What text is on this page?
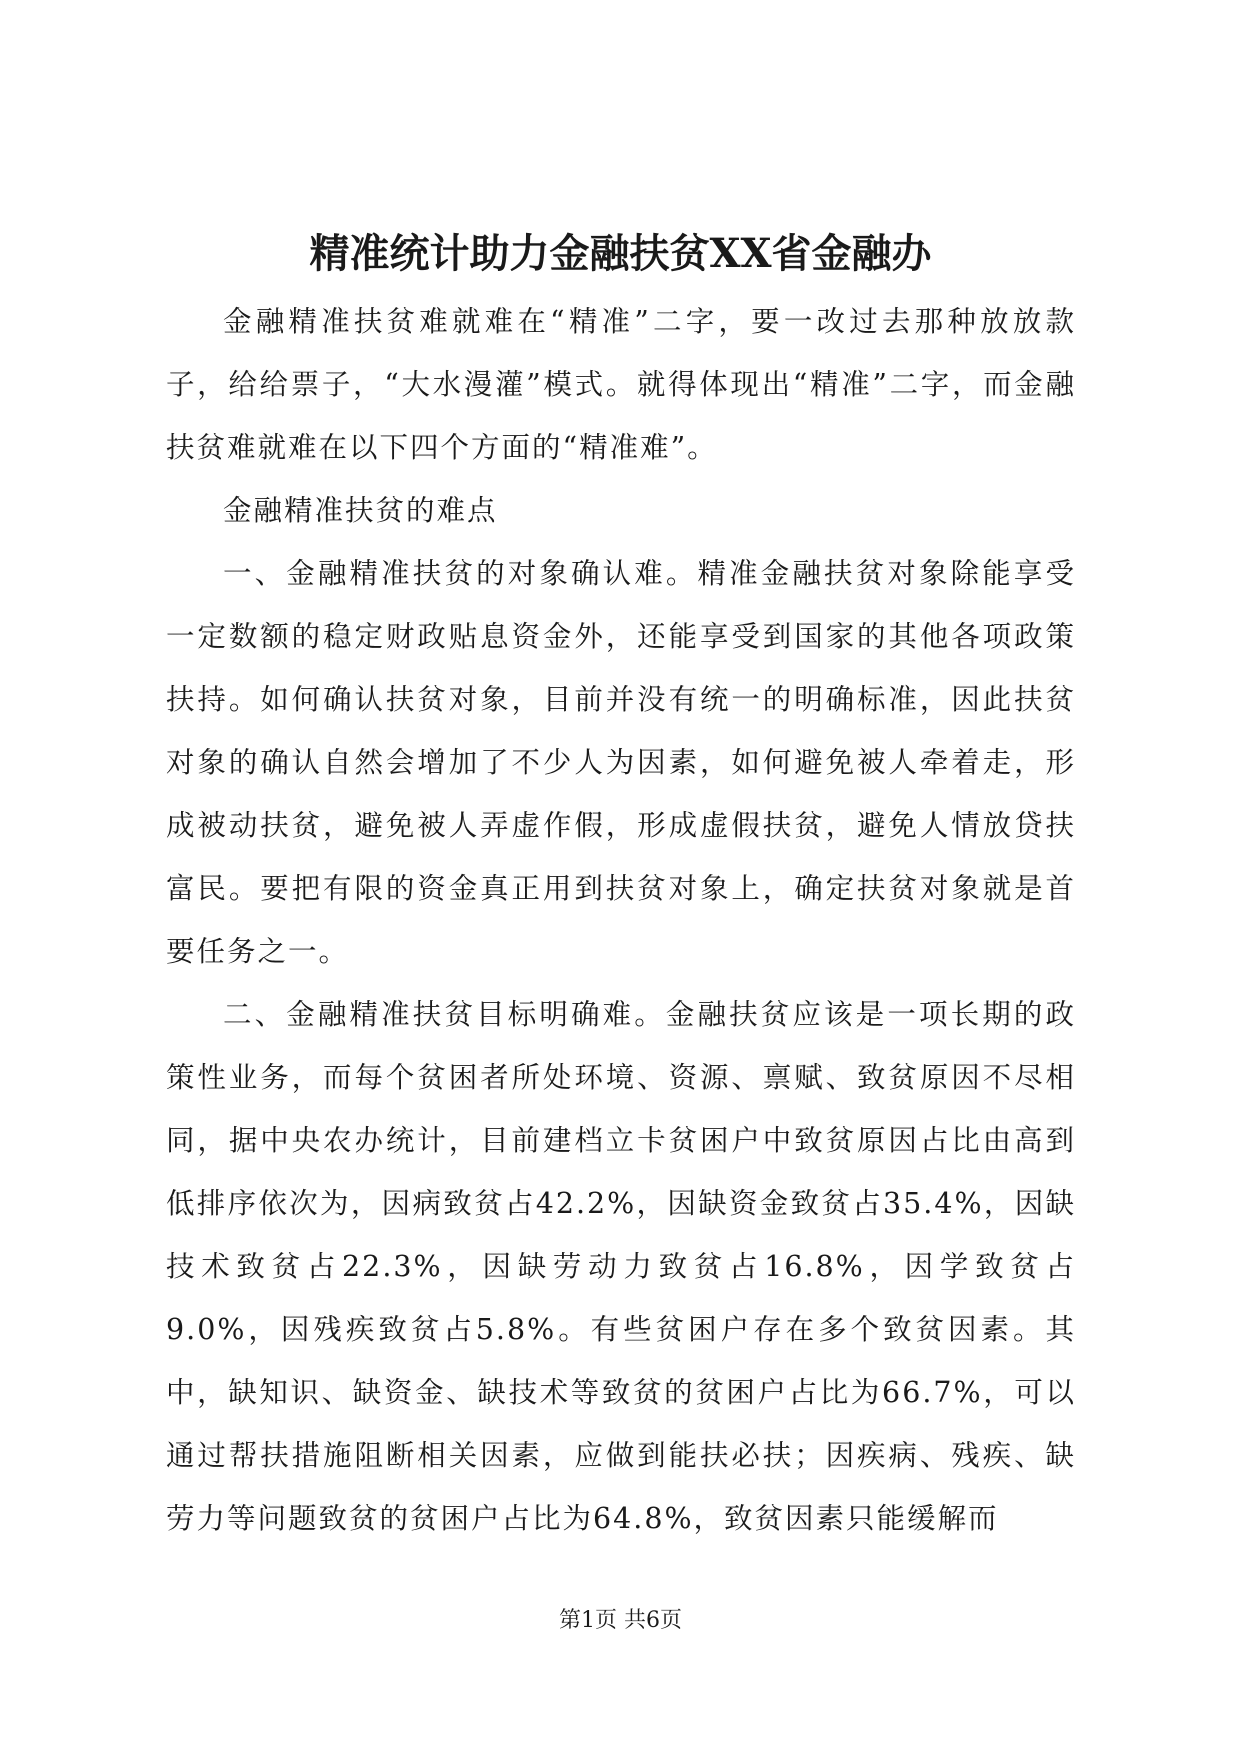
精准统计助力金融扶贫XX省金融办

金融精准扶贫难就难在“精准”二字，要一改过去那种放放款子，给给票子，“大水漫灌”模式。就得体现出“精准”二字，而金融扶贫难就难在以下四个方面的“精准难”。

金融精准扶贫的难点

一、金融精准扶贫的对象确认难。精准金融扶贫对象除能享受一定数额的稳定财政贴息资金外，还能享受到国家的其他各项政策扶持。如何确认扶贫对象，目前并没有统一的明确标准，因此扶贫对象的确认自然会增加了不少人为因素，如何避免被人牵着走，形成被动扶贫，避免被人弄虚作假，形成虚假扶贫，避免人情放贷扶富民。要把有限的资金真正用到扶贫对象上，确定扶贫对象就是首要任务之一。

二、金融精准扶贫目标明确难。金融扶贫应该是一项长期的政策性业务，而每个贫困者所处环境、资源、禀赋、致贫原因不尽相同，据中央农办统计，目前建档立卡贫困户中致贫原因占比由高到低排序依次为，因病致贫占42.2%，因缺资金致贫占35.4%，因缺技术致贫占22.3%，因缺劳动力致贫占16.8%，因学致贫占9.0%，因残疾致贫占5.8%。有些贫困户存在多个致贫因素。其中，缺知识、缺资金、缺技术等致贫的贫困户占比为66.7%，可以通过帮扶措施阻断相关因素，应做到能扶必扶；因疾病、残疾、缺劳力等问题致贫的贫困户占比为64.8%，致贫因素只能缓解而

第1页 共6页
